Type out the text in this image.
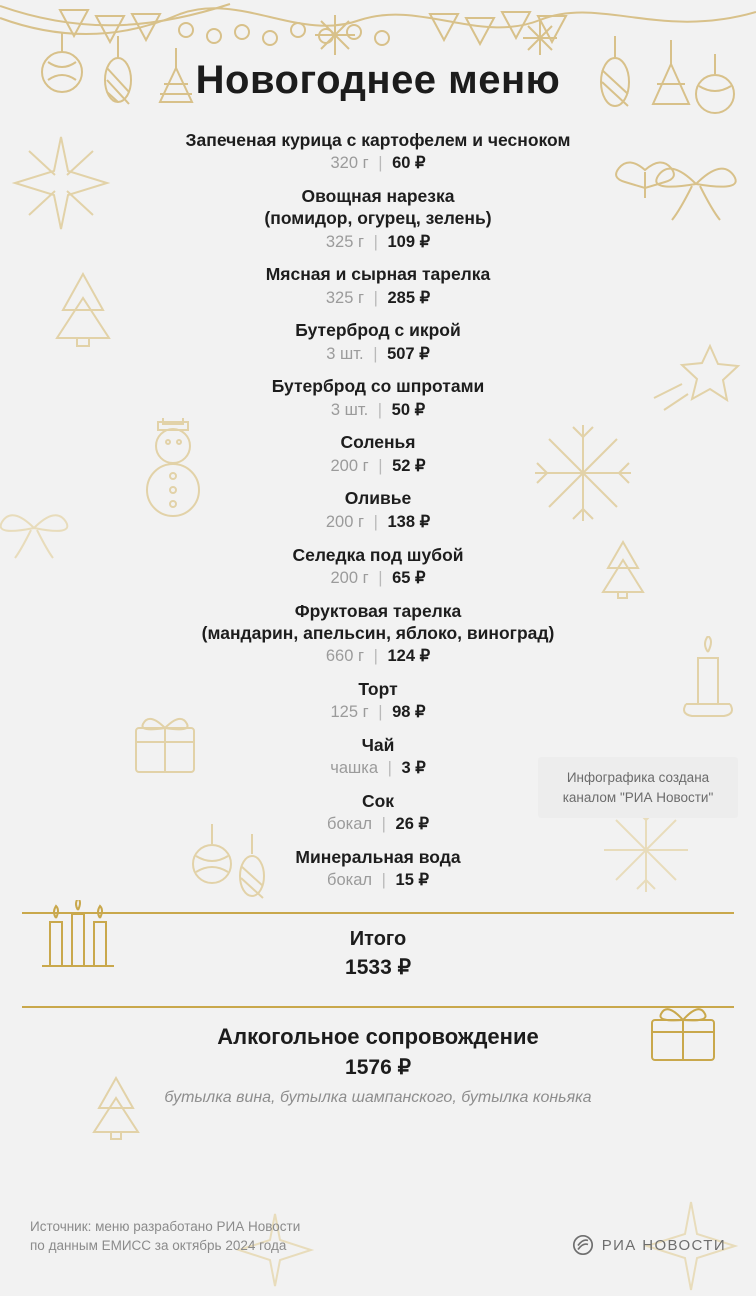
Новогоднее меню
Запеченая курица с картофелем и чесноком
320 г | 60 ₽
Овощная нарезка
(помидор, огурец, зелень)
325 г | 109 ₽
Мясная и сырная тарелка
325 г | 285 ₽
Бутерброд с икрой
3 шт. | 507 ₽
Бутерброд со шпротами
3 шт. | 50 ₽
Соленья
200 г | 52 ₽
Оливье
200 г | 138 ₽
Селедка под шубой
200 г | 65 ₽
Фруктовая тарелка
(мандарин, апельсин, яблоко, виноград)
660 г | 124 ₽
Торт
125 г | 98 ₽
Чай
чашка | 3 ₽
Сок
бокал | 26 ₽
Минеральная вода
бокал | 15 ₽
Итого
1533 ₽
Алкогольное сопровождение
1576 ₽
бутылка вина, бутылка шампанского, бутылка коньяка
Источник: меню разработано РИА Новости
по данным ЕМИСС за октябрь 2024 года	РИА НОВОСТИ
Инфографика создана каналом "РИА Новости"
